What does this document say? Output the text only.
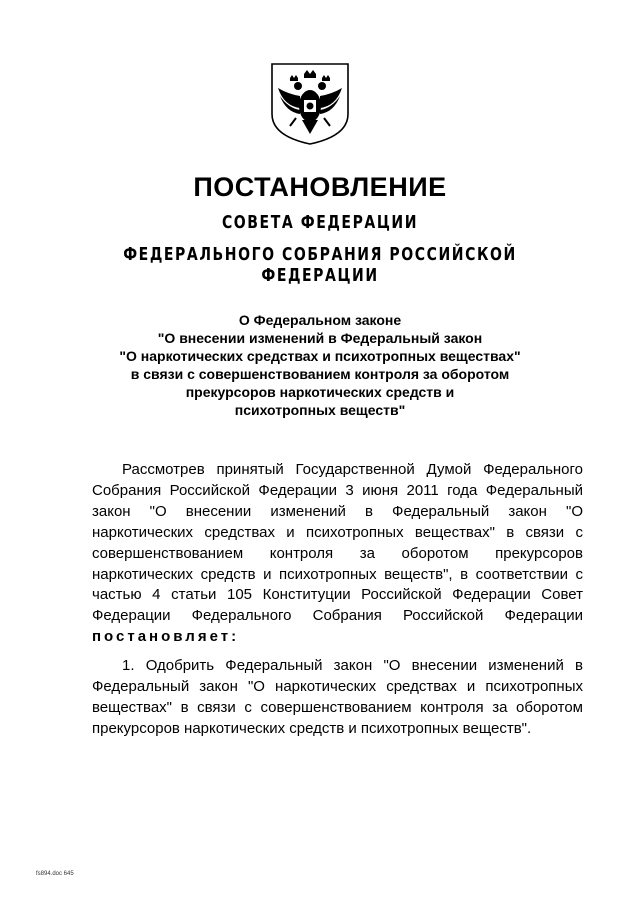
ПОСТАНОВЛЕНИЕ
СОВЕТА ФЕДЕРАЦИИ
ФЕДЕРАЛЬНОГО СОБРАНИЯ РОССИЙСКОЙ ФЕДЕРАЦИИ
О Федеральном законе
"О внесении изменений в Федеральный закон
"О наркотических средствах и психотропных веществах"
в связи с совершенствованием контроля за оборотом
прекурсоров наркотических средств и
психотропных веществ"
Рассмотрев принятый Государственной Думой Федерального
Собрания Российской Федерации 3 июня 2011 года Федеральный
закон "О внесении изменений в Федеральный закон "О
наркотических средствах и психотропных веществах" в связи с
совершенствованием контроля за оборотом прекурсоров
наркотических средств и психотропных веществ", в соответствии с
частью 4 статьи 105 Конституции Российской Федерации Совет
Федерации Федерального Собрания Российской Федерации
постановляет:
1. Одобрить Федеральный закон "О внесении изменений в
Федеральный закон "О наркотических средствах и психотропных
веществах" в связи с совершенствованием контроля за оборотом
прекурсоров наркотических средств и психотропных веществ".
fs894.doc 645
